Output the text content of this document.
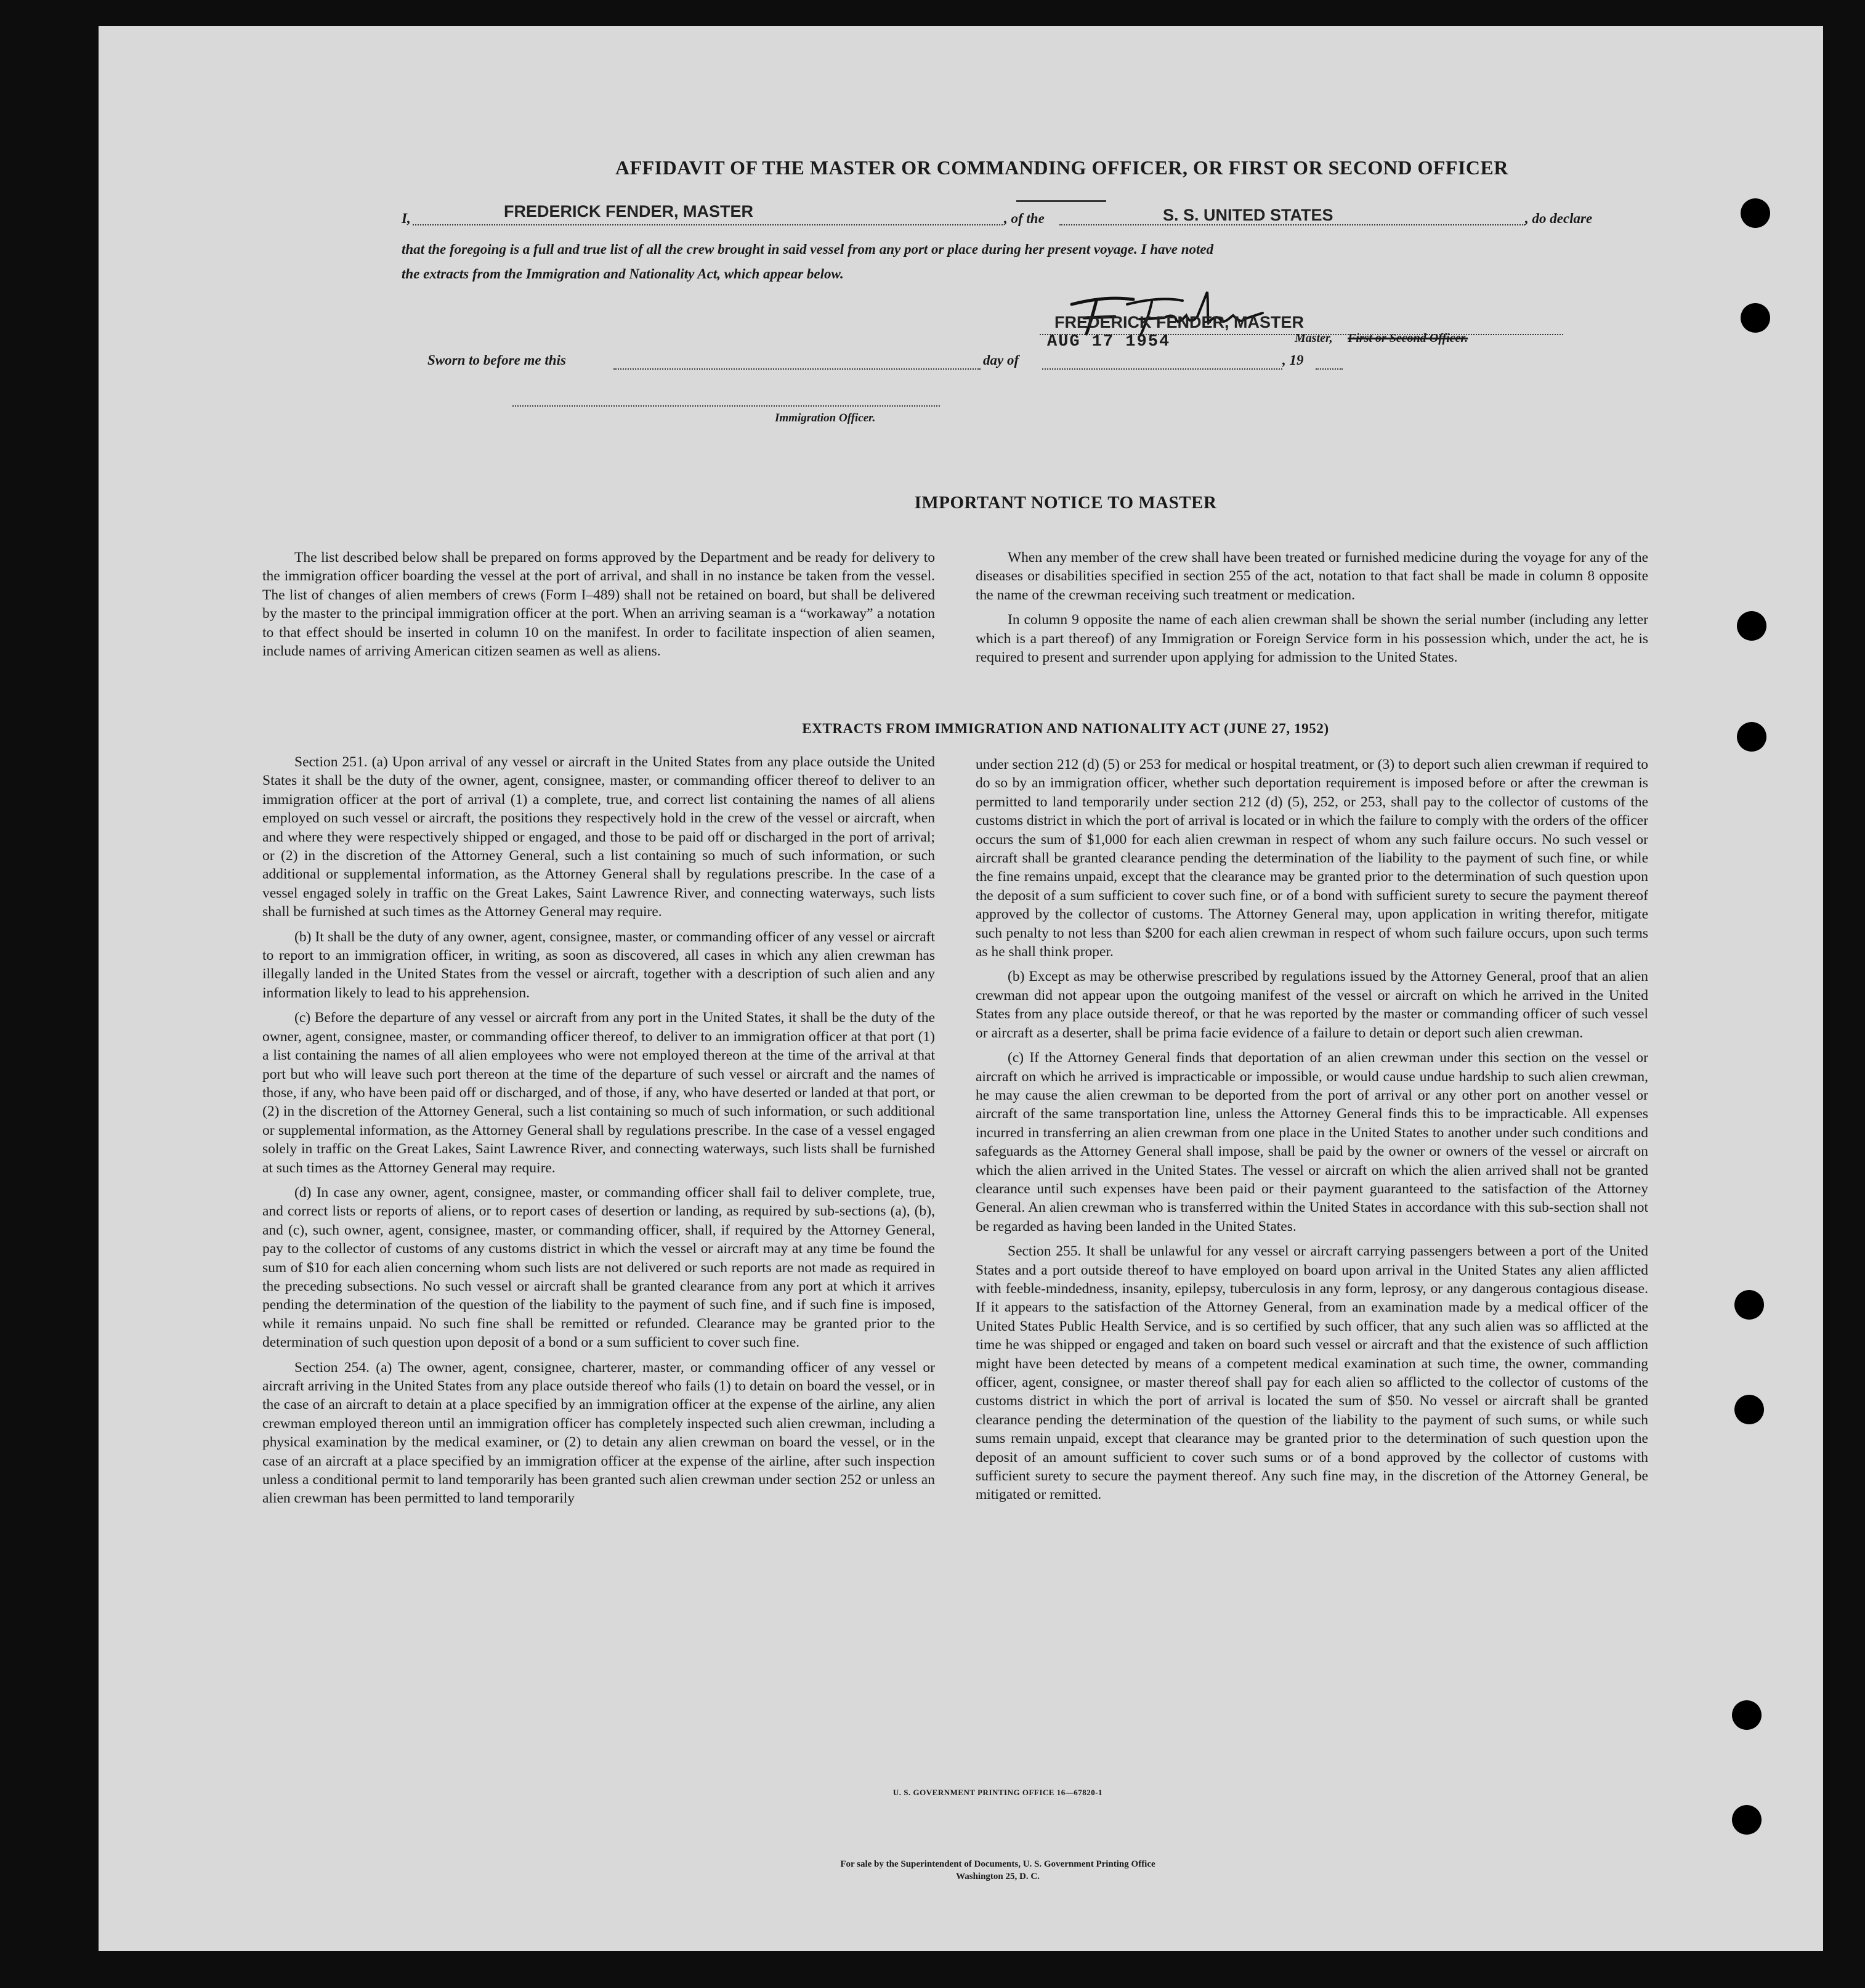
AFFIDAVIT OF THE MASTER OR COMMANDING OFFICER, OR FIRST OR SECOND OFFICER

I,	FREDERICK FENDER, MASTER	, of the	S. S. UNITED STATES	, do declare

that the foregoing is a full and true list of all the crew brought in said vessel from any port or place during her present voyage. I have noted

the extracts from the Immigration and Nationality Act, which appear below.

FREDERICK FENDER, MASTER
Master, First or Second Officer.
Sworn to before me this	day of
AUG 17 1954
, 19
Immigration Officer.

IMPORTANT NOTICE TO MASTER

The list described below shall be prepared on forms approved by the Department and be ready for delivery to the immigration officer boarding the vessel at the port of arrival, and shall in no instance be taken from the vessel. The list of changes of alien members of crews (Form I–489) shall not be retained on board, but shall be delivered by the master to the principal immigration officer at the port. When an arriving seaman is a “workaway” a notation to that effect should be inserted in column 10 on the manifest. In order to facilitate inspection of alien seamen, include names of arriving American citizen seamen as well as aliens.

When any member of the crew shall have been treated or furnished medicine during the voyage for any of the diseases or disabilities specified in section 255 of the act, notation to that fact shall be made in column 8 opposite the name of the crewman receiving such treatment or medication.

In column 9 opposite the name of each alien crewman shall be shown the serial number (including any letter which is a part thereof) of any Immigration or Foreign Service form in his possession which, under the act, he is required to present and surrender upon applying for admission to the United States.

EXTRACTS FROM IMMIGRATION AND NATIONALITY ACT (JUNE 27, 1952)

Section 251. (a) Upon arrival of any vessel or aircraft in the United States from any place outside the United States it shall be the duty of the owner, agent, consignee, master, or commanding officer thereof to deliver to an immigration officer at the port of arrival (1) a complete, true, and correct list containing the names of all aliens employed on such vessel or aircraft, the positions they respectively hold in the crew of the vessel or aircraft, when and where they were respectively shipped or engaged, and those to be paid off or discharged in the port of arrival; or (2) in the discretion of the Attorney General, such a list containing so much of such information, or such additional or supplemental information, as the Attorney General shall by regulations prescribe. In the case of a vessel engaged solely in traffic on the Great Lakes, Saint Lawrence River, and connecting waterways, such lists shall be furnished at such times as the Attorney General may require.

(b) It shall be the duty of any owner, agent, consignee, master, or commanding officer of any vessel or aircraft to report to an immigration officer, in writing, as soon as discovered, all cases in which any alien crewman has illegally landed in the United States from the vessel or aircraft, together with a description of such alien and any information likely to lead to his apprehension.

(c) Before the departure of any vessel or aircraft from any port in the United States, it shall be the duty of the owner, agent, consignee, master, or commanding officer thereof, to deliver to an immigration officer at that port (1) a list containing the names of all alien employees who were not employed thereon at the time of the arrival at that port but who will leave such port thereon at the time of the departure of such vessel or aircraft and the names of those, if any, who have been paid off or discharged, and of those, if any, who have deserted or landed at that port, or (2) in the discretion of the Attorney General, such a list containing so much of such information, or such additional or supplemental information, as the Attorney General shall by regulations prescribe. In the case of a vessel engaged solely in traffic on the Great Lakes, Saint Lawrence River, and connecting waterways, such lists shall be furnished at such times as the Attorney General may require.

(d) In case any owner, agent, consignee, master, or commanding officer shall fail to deliver complete, true, and correct lists or reports of aliens, or to report cases of desertion or landing, as required by sub-sections (a), (b), and (c), such owner, agent, consignee, master, or commanding officer, shall, if required by the Attorney General, pay to the collector of customs of any customs district in which the vessel or aircraft may at any time be found the sum of $10 for each alien concerning whom such lists are not delivered or such reports are not made as required in the preceding subsections. No such vessel or aircraft shall be granted clearance from any port at which it arrives pending the determination of the question of the liability to the payment of such fine, and if such fine is imposed, while it remains unpaid. No such fine shall be remitted or refunded. Clearance may be granted prior to the determination of such question upon deposit of a bond or a sum sufficient to cover such fine.

Section 254. (a) The owner, agent, consignee, charterer, master, or commanding officer of any vessel or aircraft arriving in the United States from any place outside thereof who fails (1) to detain on board the vessel, or in the case of an aircraft to detain at a place specified by an immigration officer at the expense of the airline, any alien crewman employed thereon until an immigration officer has completely inspected such alien crewman, including a physical examination by the medical examiner, or (2) to detain any alien crewman on board the vessel, or in the case of an aircraft at a place specified by an immigration officer at the expense of the airline, after such inspection unless a conditional permit to land temporarily has been granted such alien crewman under section 252 or unless an alien crewman has been permitted to land temporarily

under section 212 (d) (5) or 253 for medical or hospital treatment, or (3) to deport such alien crewman if required to do so by an immigration officer, whether such deportation requirement is imposed before or after the crewman is permitted to land temporarily under section 212 (d) (5), 252, or 253, shall pay to the collector of customs of the customs district in which the port of arrival is located or in which the failure to comply with the orders of the officer occurs the sum of $1,000 for each alien crewman in respect of whom any such failure occurs. No such vessel or aircraft shall be granted clearance pending the determination of the liability to the payment of such fine, or while the fine remains unpaid, except that the clearance may be granted prior to the determination of such question upon the deposit of a sum sufficient to cover such fine, or of a bond with sufficient surety to secure the payment thereof approved by the collector of customs. The Attorney General may, upon application in writing therefor, mitigate such penalty to not less than $200 for each alien crewman in respect of whom such failure occurs, upon such terms as he shall think proper.

(b) Except as may be otherwise prescribed by regulations issued by the Attorney General, proof that an alien crewman did not appear upon the outgoing manifest of the vessel or aircraft on which he arrived in the United States from any place outside thereof, or that he was reported by the master or commanding officer of such vessel or aircraft as a deserter, shall be prima facie evidence of a failure to detain or deport such alien crewman.

(c) If the Attorney General finds that deportation of an alien crewman under this section on the vessel or aircraft on which he arrived is impracticable or impossible, or would cause undue hardship to such alien crewman, he may cause the alien crewman to be deported from the port of arrival or any other port on another vessel or aircraft of the same transportation line, unless the Attorney General finds this to be impracticable. All expenses incurred in transferring an alien crewman from one place in the United States to another under such conditions and safeguards as the Attorney General shall impose, shall be paid by the owner or owners of the vessel or aircraft on which the alien arrived in the United States. The vessel or aircraft on which the alien arrived shall not be granted clearance until such expenses have been paid or their payment guaranteed to the satisfaction of the Attorney General. An alien crewman who is transferred within the United States in accordance with this sub-section shall not be regarded as having been landed in the United States.

Section 255. It shall be unlawful for any vessel or aircraft carrying passengers between a port of the United States and a port outside thereof to have employed on board upon arrival in the United States any alien afflicted with feeble-mindedness, insanity, epilepsy, tuberculosis in any form, leprosy, or any dangerous contagious disease. If it appears to the satisfaction of the Attorney General, from an examination made by a medical officer of the United States Public Health Service, and is so certified by such officer, that any such alien was so afflicted at the time he was shipped or engaged and taken on board such vessel or aircraft and that the existence of such affliction might have been detected by means of a competent medical examination at such time, the owner, commanding officer, agent, consignee, or master thereof shall pay for each alien so afflicted to the collector of customs of the customs district in which the port of arrival is located the sum of $50. No vessel or aircraft shall be granted clearance pending the determination of the question of the liability to the payment of such sums, or while such sums remain unpaid, except that clearance may be granted prior to the determination of such question upon the deposit of an amount sufficient to cover such sums or of a bond approved by the collector of customs with sufficient surety to secure the payment thereof. Any such fine may, in the discretion of the Attorney General, be mitigated or remitted.

U. S. GOVERNMENT PRINTING OFFICE 16—67820-1

For sale by the Superintendent of Documents, U. S. Government Printing Office

Washington 25, D. C.
